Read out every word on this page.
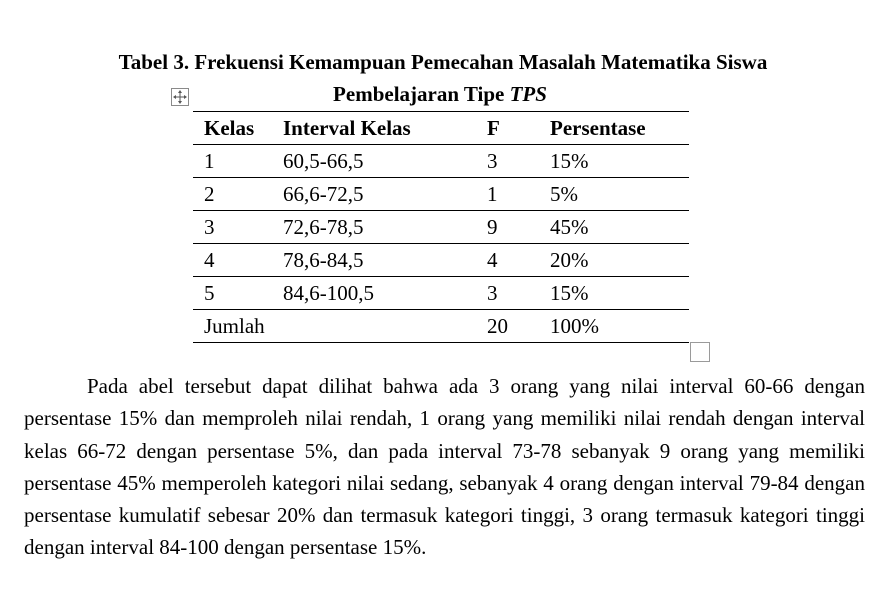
Tabel 3. Frekuensi Kemampuan Pemecahan Masalah Matematika Siswa
Pembelajaran Tipe TPS
Kelas	Interval Kelas	F	Persentase
1	60,5-66,5	3	15%
2	66,6-72,5	1	5%
3	72,6-78,5	9	45%
4	78,6-84,5	4	20%
5	84,6-100,5	3	15%
Jumlah		20	100%

Pada abel tersebut dapat dilihat bahwa ada 3 orang yang nilai interval 60-66 dengan persentase 15% dan memproleh nilai rendah, 1 orang yang memiliki nilai rendah dengan interval kelas 66-72 dengan persentase 5%, dan pada interval 73-78 sebanyak 9 orang yang memiliki persentase 45% memperoleh kategori nilai sedang, sebanyak 4 orang dengan interval 79-84 dengan persentase kumulatif sebesar 20% dan termasuk kategori tinggi, 3 orang termasuk kategori tinggi dengan interval 84-100 dengan persentase 15%.
